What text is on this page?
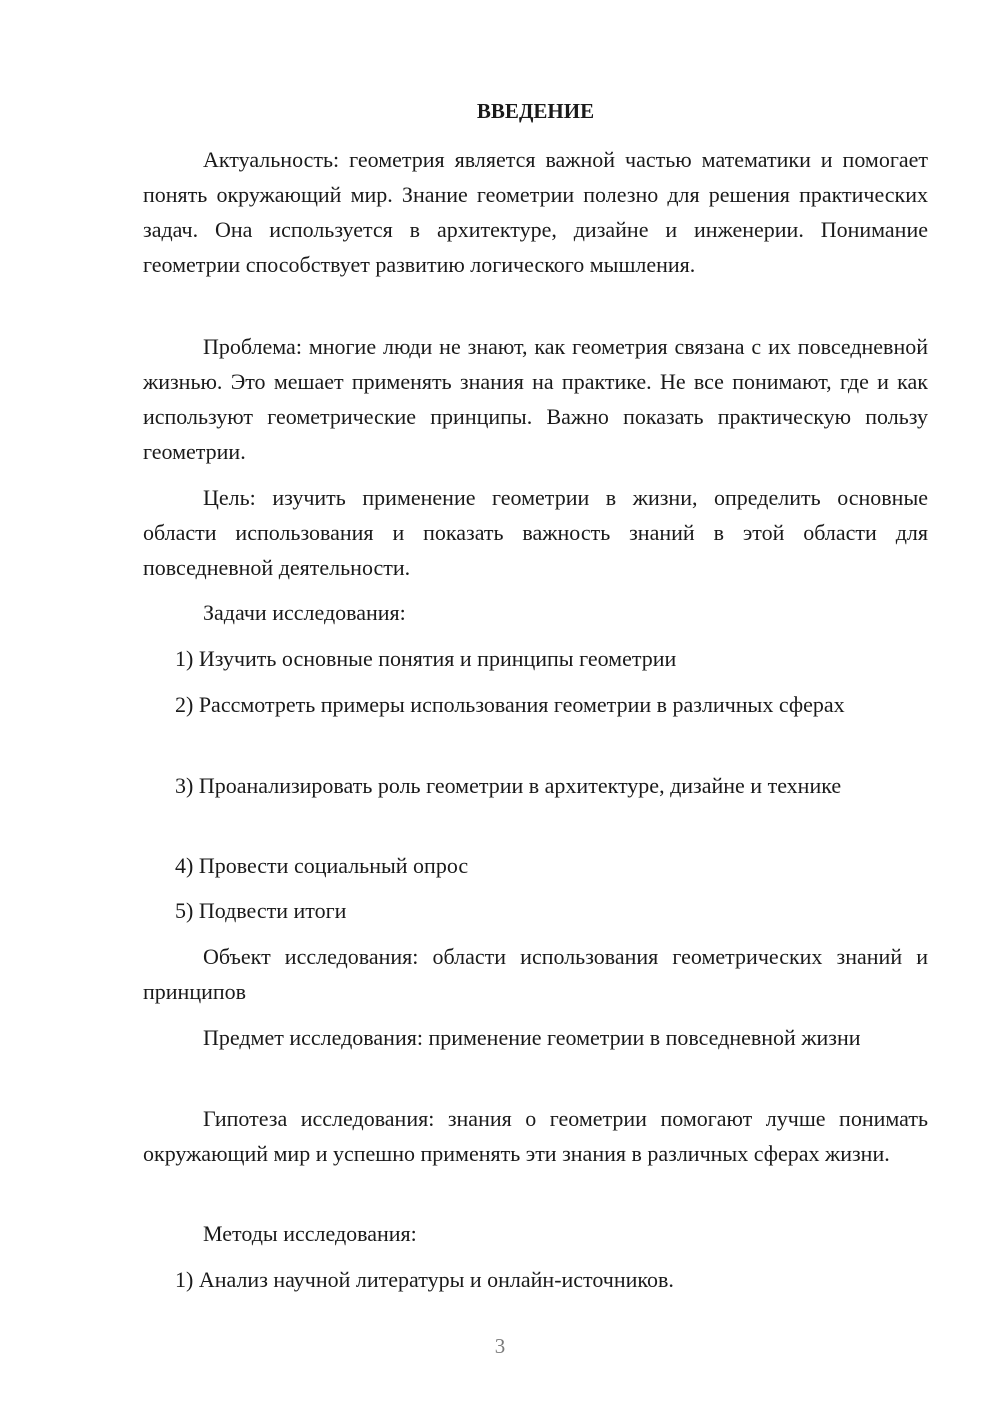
ВВЕДЕНИЕ

Актуальность: геометрия является важной частью математики и помогает понять окружающий мир. Знание геометрии полезно для решения практических задач. Она используется в архитектуре, дизайне и инженерии. Понимание геометрии способствует развитию логического мышления.

Проблема: многие люди не знают, как геометрия связана с их повседневной жизнью. Это мешает применять знания на практике. Не все понимают, где и как используют геометрические принципы. Важно показать практическую пользу геометрии.

Цель: изучить применение геометрии в жизни, определить основные области использования и показать важность знаний в этой области для повседневной деятельности.

Задачи исследования:

1) Изучить основные понятия и принципы геометрии

2) Рассмотреть примеры использования геометрии в различных сферах

3) Проанализировать роль геометрии в архитектуре, дизайне и технике

4) Провести социальный опрос

5) Подвести итоги

Объект исследования: области использования геометрических знаний и принципов

Предмет исследования: применение геометрии в повседневной жизни

Гипотеза исследования: знания о геометрии помогают лучше понимать окружающий мир и успешно применять эти знания в различных сферах жизни.

Методы исследования:

1) Анализ научной литературы и онлайн-источников.

3
